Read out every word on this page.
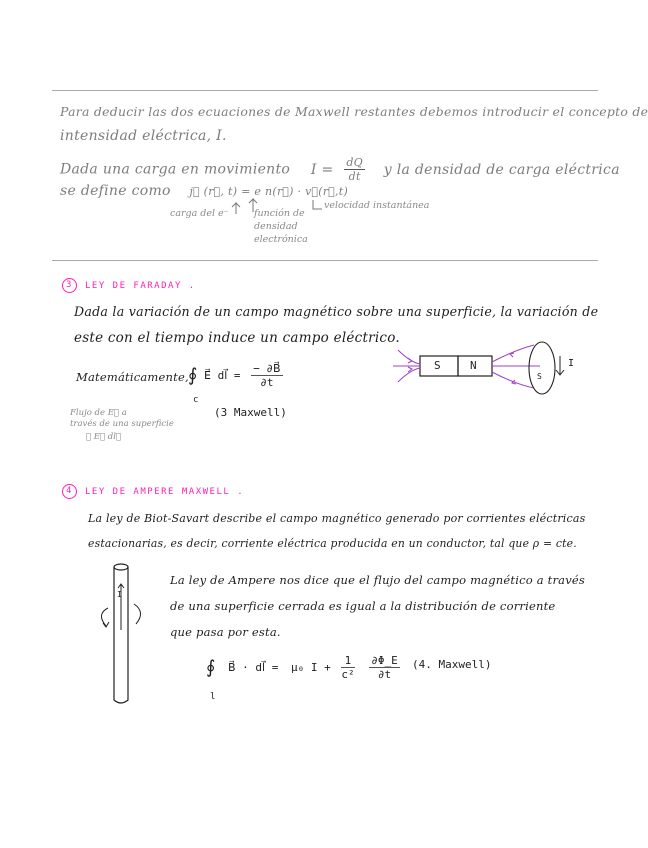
Para deducir las dos ecuaciones de Maxwell restantes debemos introducir el concepto de
intensidad eléctrica, I.
Dada una carga en movimiento $I = \frac{dQ}{dt}$ y la densidad de carga eléctrica
se define como j⃗ (r⃗, t) = e n(r⃗) · v⃗(r⃗,t)
carga del e⁻	función de
densidad
electrónica
velocidad instantánea
3 LEY DE FARADAY .
Dada la variación de un campo magnético sobre una superficie, la variación de
este con el tiempo induce un campo eléctrico.
Matemáticamente, ∮ E⃗ dl⃗ = $\frac{- \partial B⃗}{\partial t}$
c
(3 Maxwell)
Flujo de E⃗ a
través de una superficie
∮ E⃗ dl⃗
S	N	I
S
4 LEY DE AMPERE MAXWELL .
La ley de Biot-Savart describe el campo magnético generado por corrientes eléctricas
estacionarias, es decir, corriente eléctrica producida en un conductor, tal que ρ = cte.
I
La ley de Ampere nos dice que el flujo del campo magnético a través
de una superficie cerrada es igual a la distribución de corriente
que pasa por esta.
∮ B⃗ · dl⃗ = μ₀ $I + \frac{1}{\text{c²}}$
$\frac{\partial\Phi\_E}{\partial t}$
l
(4. Maxwell)
